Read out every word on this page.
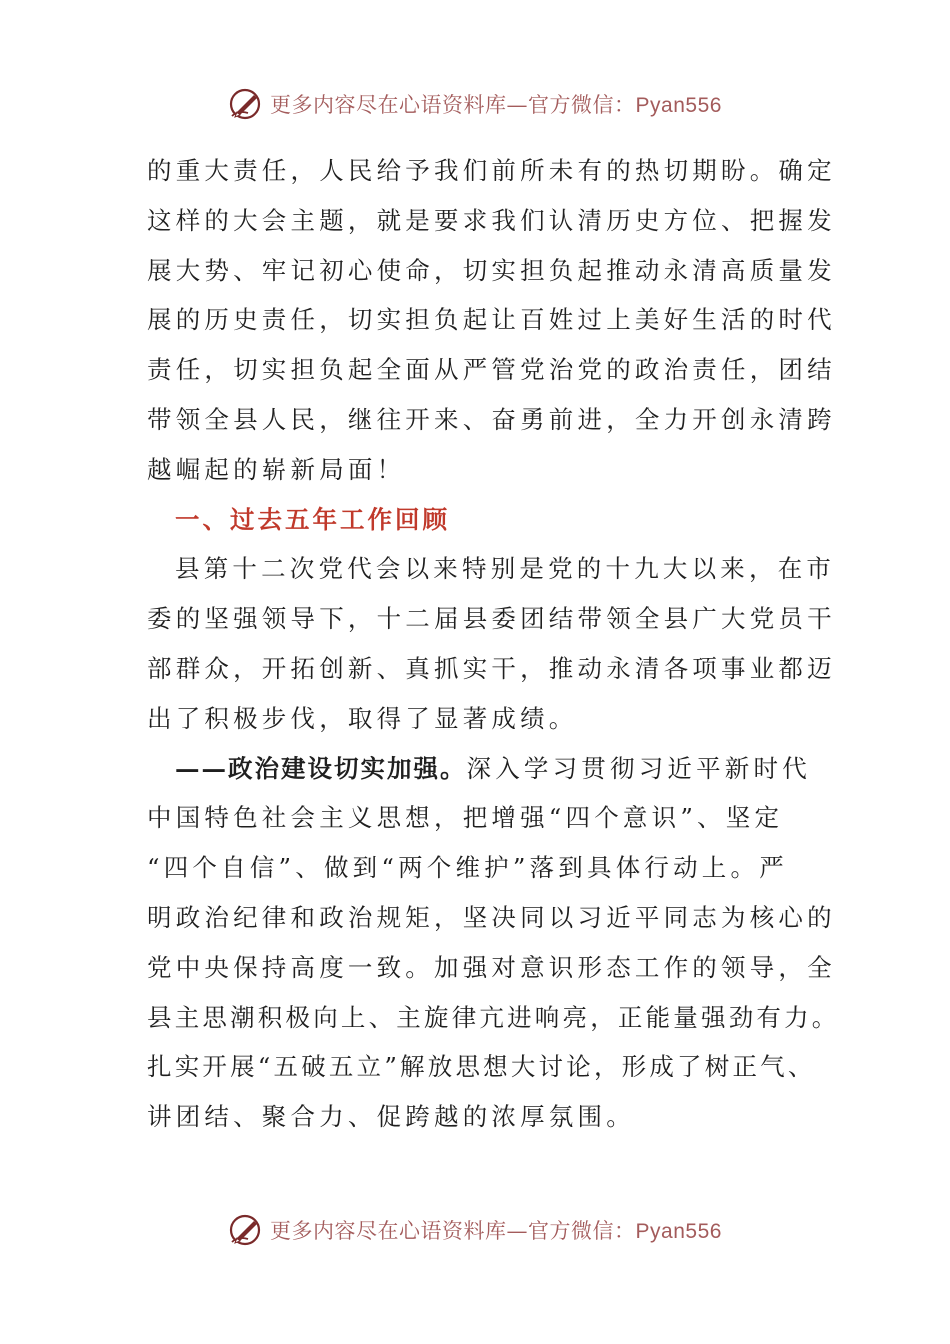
更多内容尽在心语资料库—官方微信：Pyan556
的重大责任，人民给予我们前所未有的热切期盼。确定
这样的大会主题，就是要求我们认清历史方位、把握发
展大势、牢记初心使命，切实担负起推动永清高质量发
展的历史责任，切实担负起让百姓过上美好生活的时代
责任，切实担负起全面从严管党治党的政治责任，团结
带领全县人民，继往开来、奋勇前进，全力开创永清跨
越崛起的崭新局面！
一、过去五年工作回顾
县第十二次党代会以来特别是党的十九大以来，在市
委的坚强领导下，十二届县委团结带领全县广大党员干
部群众，开拓创新、真抓实干，推动永清各项事业都迈
出了积极步伐，取得了显著成绩。
——政治建设切实加强。深入学习贯彻习近平新时代
中国特色社会主义思想，把增强“四个意识”、坚定
“四个自信”、做到“两个维护”落到具体行动上。严
明政治纪律和政治规矩，坚决同以习近平同志为核心的
党中央保持高度一致。加强对意识形态工作的领导，全
县主思潮积极向上、主旋律亢进响亮，正能量强劲有力。
扎实开展“五破五立”解放思想大讨论，形成了树正气、
讲团结、聚合力、促跨越的浓厚氛围。
更多内容尽在心语资料库—官方微信：Pyan556
